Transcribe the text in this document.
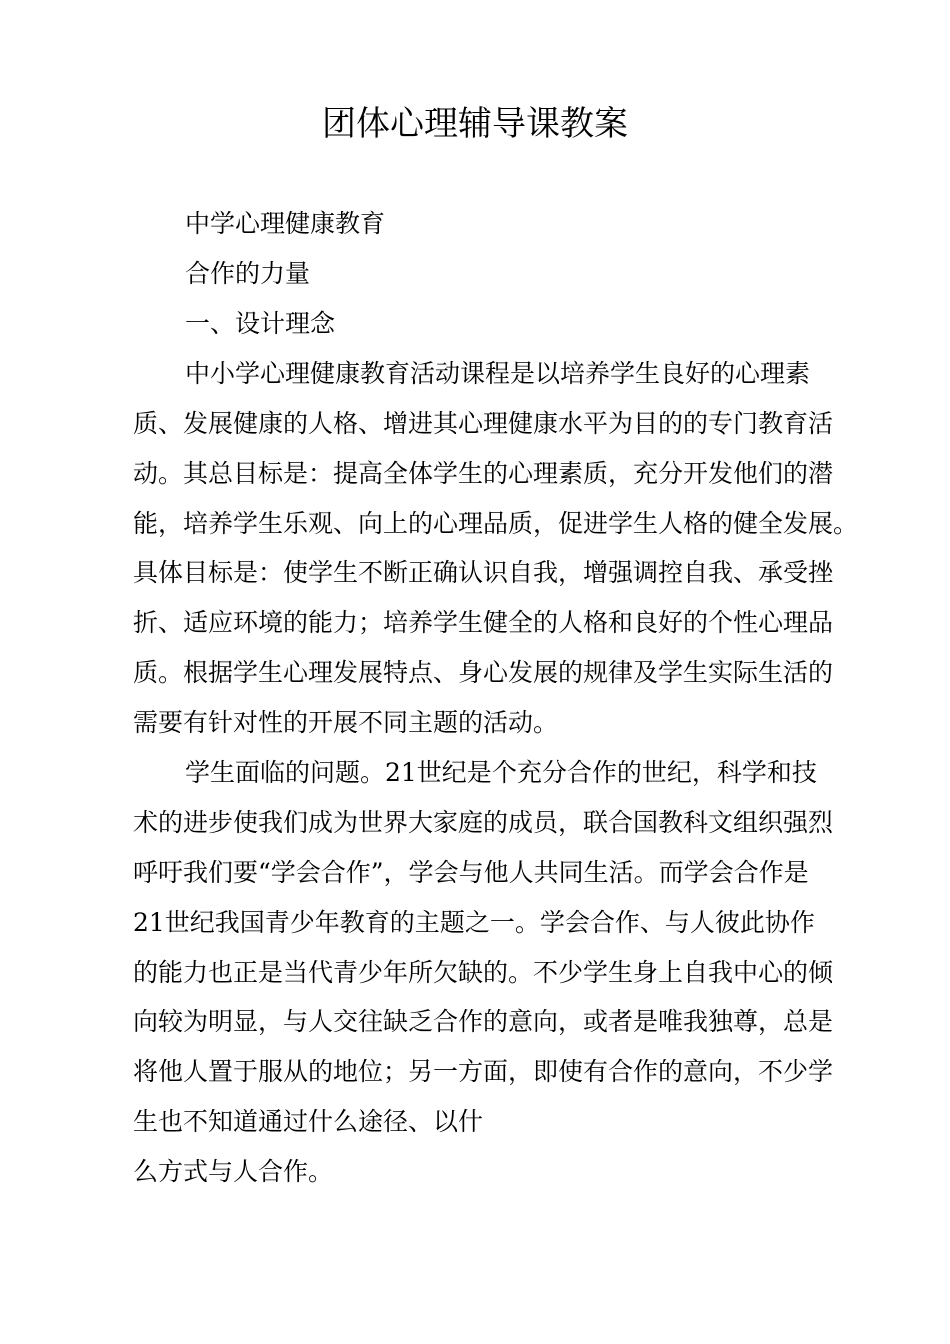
团体心理辅导课教案

中学心理健康教育

合作的力量

一、设计理念

中小学心理健康教育活动课程是以培养学生良好的心理素

质、发展健康的人格、增进其心理健康水平为目的的专门教育活

动。其总目标是：提高全体学生的心理素质，充分开发他们的潜

能，培养学生乐观、向上的心理品质，促进学生人格的健全发展。

具体目标是：使学生不断正确认识自我，增强调控自我、承受挫

折、适应环境的能力；培养学生健全的人格和良好的个性心理品

质。根据学生心理发展特点、身心发展的规律及学生实际生活的

需要有针对性的开展不同主题的活动。

学生面临的问题。21世纪是个充分合作的世纪，科学和技

术的进步使我们成为世界大家庭的成员，联合国教科文组织强烈

呼吁我们要“学会合作”，学会与他人共同生活。而学会合作是

21世纪我国青少年教育的主题之一。学会合作、与人彼此协作

的能力也正是当代青少年所欠缺的。不少学生身上自我中心的倾

向较为明显，与人交往缺乏合作的意向，或者是唯我独尊，总是

将他人置于服从的地位；另一方面，即使有合作的意向，不少学

生也不知道通过什么途径、以什

么方式与人合作。
